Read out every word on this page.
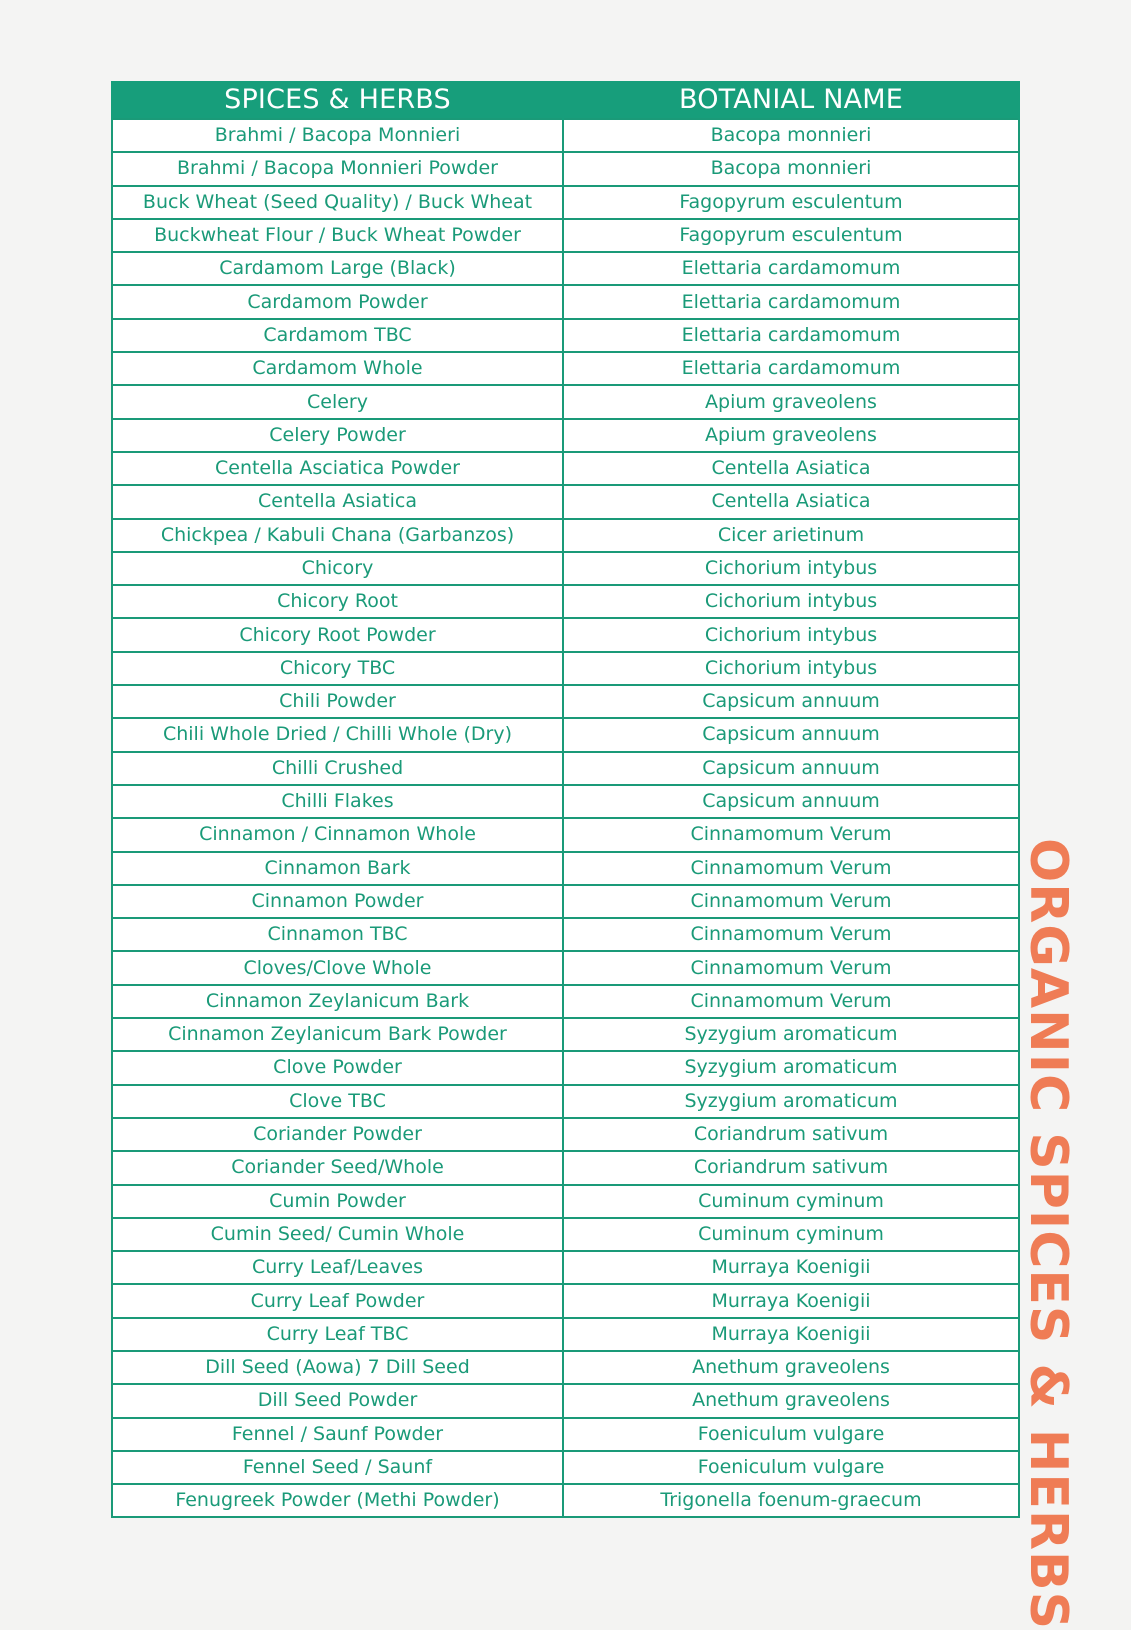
SPICES & HERBS	BOTANIAL NAME
Brahmi / Bacopa Monnieri	Bacopa monnieri
Brahmi / Bacopa Monnieri Powder	Bacopa monnieri
Buck Wheat (Seed Quality) / Buck Wheat	Fagopyrum esculentum
Buckwheat Flour / Buck Wheat Powder	Fagopyrum esculentum
Cardamom Large (Black)	Elettaria cardamomum
Cardamom Powder	Elettaria cardamomum
Cardamom TBC	Elettaria cardamomum
Cardamom Whole	Elettaria cardamomum
Celery	Apium graveolens
Celery Powder	Apium graveolens
Centella Asciatica Powder	Centella Asiatica
Centella Asiatica	Centella Asiatica
Chickpea / Kabuli Chana (Garbanzos)	Cicer arietinum
Chicory	Cichorium intybus
Chicory Root	Cichorium intybus
Chicory Root Powder	Cichorium intybus
Chicory TBC	Cichorium intybus
Chili Powder	Capsicum annuum
Chili Whole Dried / Chilli Whole (Dry)	Capsicum annuum
Chilli Crushed	Capsicum annuum
Chilli Flakes	Capsicum annuum
Cinnamon / Cinnamon Whole	Cinnamomum Verum
Cinnamon Bark	Cinnamomum Verum
Cinnamon Powder	Cinnamomum Verum
Cinnamon TBC	Cinnamomum Verum
Cloves/Clove Whole	Cinnamomum Verum
Cinnamon Zeylanicum Bark	Cinnamomum Verum
Cinnamon Zeylanicum Bark Powder	Syzygium aromaticum
Clove Powder	Syzygium aromaticum
Clove TBC	Syzygium aromaticum
Coriander Powder	Coriandrum sativum
Coriander Seed/Whole	Coriandrum sativum
Cumin Powder	Cuminum cyminum
Cumin Seed/ Cumin Whole	Cuminum cyminum
Curry Leaf/Leaves	Murraya Koenigii
Curry Leaf Powder	Murraya Koenigii
Curry Leaf TBC	Murraya Koenigii
Dill Seed (Aowa) 7 Dill Seed	Anethum graveolens
Dill Seed Powder	Anethum graveolens
Fennel / Saunf Powder	Foeniculum vulgare
Fennel Seed / Saunf	Foeniculum vulgare
Fenugreek Powder (Methi Powder)	Trigonella foenum-graecum ORGANIC SPICES & HERBS
